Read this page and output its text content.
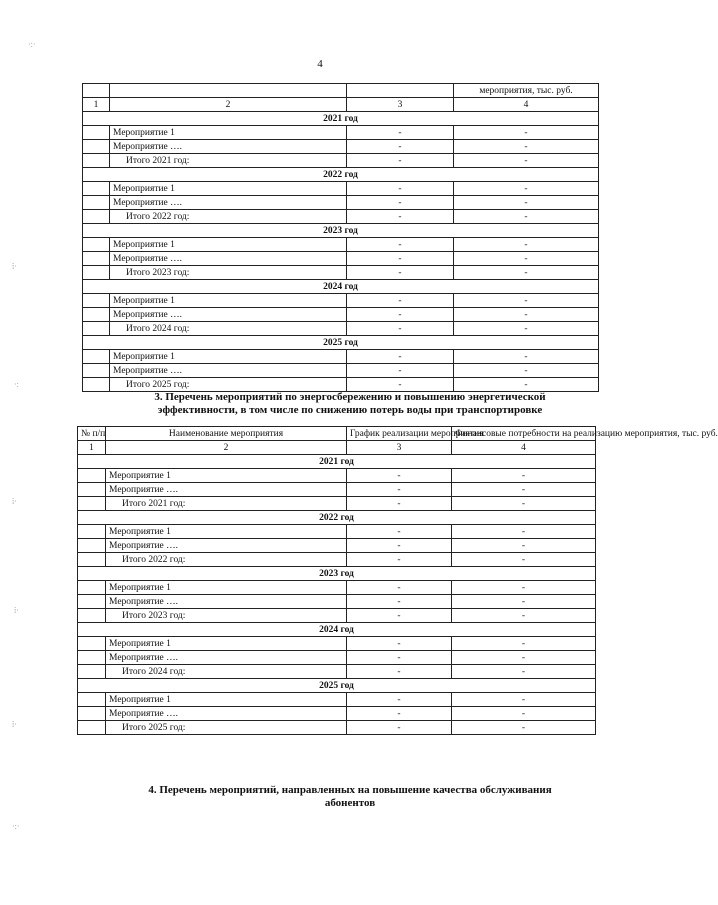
4
·:·
⁞·
·:
⁞·
⁞·
⁞·
·:·
			мероприятия, тыс. руб.
1	2	3	4
2021 год			
	Мероприятие 1	-	-
	Мероприятие ….	-	-
	Итого 2021 год:	-	-
2022 год			
	Мероприятие 1	-	-
	Мероприятие ….	-	-
	Итого 2022 год:	-	-
2023 год			
	Мероприятие 1	-	-
	Мероприятие ….	-	-
	Итого 2023 год:	-	-
2024 год			
	Мероприятие 1	-	-
	Мероприятие ….	-	-
	Итого 2024 год:	-	-
2025 год			
	Мероприятие 1	-	-
	Мероприятие ….	-	-
	Итого 2025 год:	-	-
3. Перечень мероприятий по энергосбережению и повышению энергетической
эффективности, в том числе по снижению потерь воды при транспортировке
№ п/п	Наименование мероприятия	График реализации мероприятия	Финансовые потребности на реализацию мероприятия, тыс. руб.
1	2	3	4
2021 год			
	Мероприятие 1	-	-
	Мероприятие ….	-	-
	Итого 2021 год:	-	-
2022 год			
	Мероприятие 1	-	-
	Мероприятие ….	-	-
	Итого 2022 год:	-	-
2023 год			
	Мероприятие 1	-	-
	Мероприятие ….	-	-
	Итого 2023 год:	-	-
2024 год			
	Мероприятие 1	-	-
	Мероприятие ….	-	-
	Итого 2024 год:	-	-
2025 год			
	Мероприятие 1	-	-
	Мероприятие ….	-	-
	Итого 2025 год:	-	-
4. Перечень мероприятий, направленных на повышение качества обслуживания
абонентов
